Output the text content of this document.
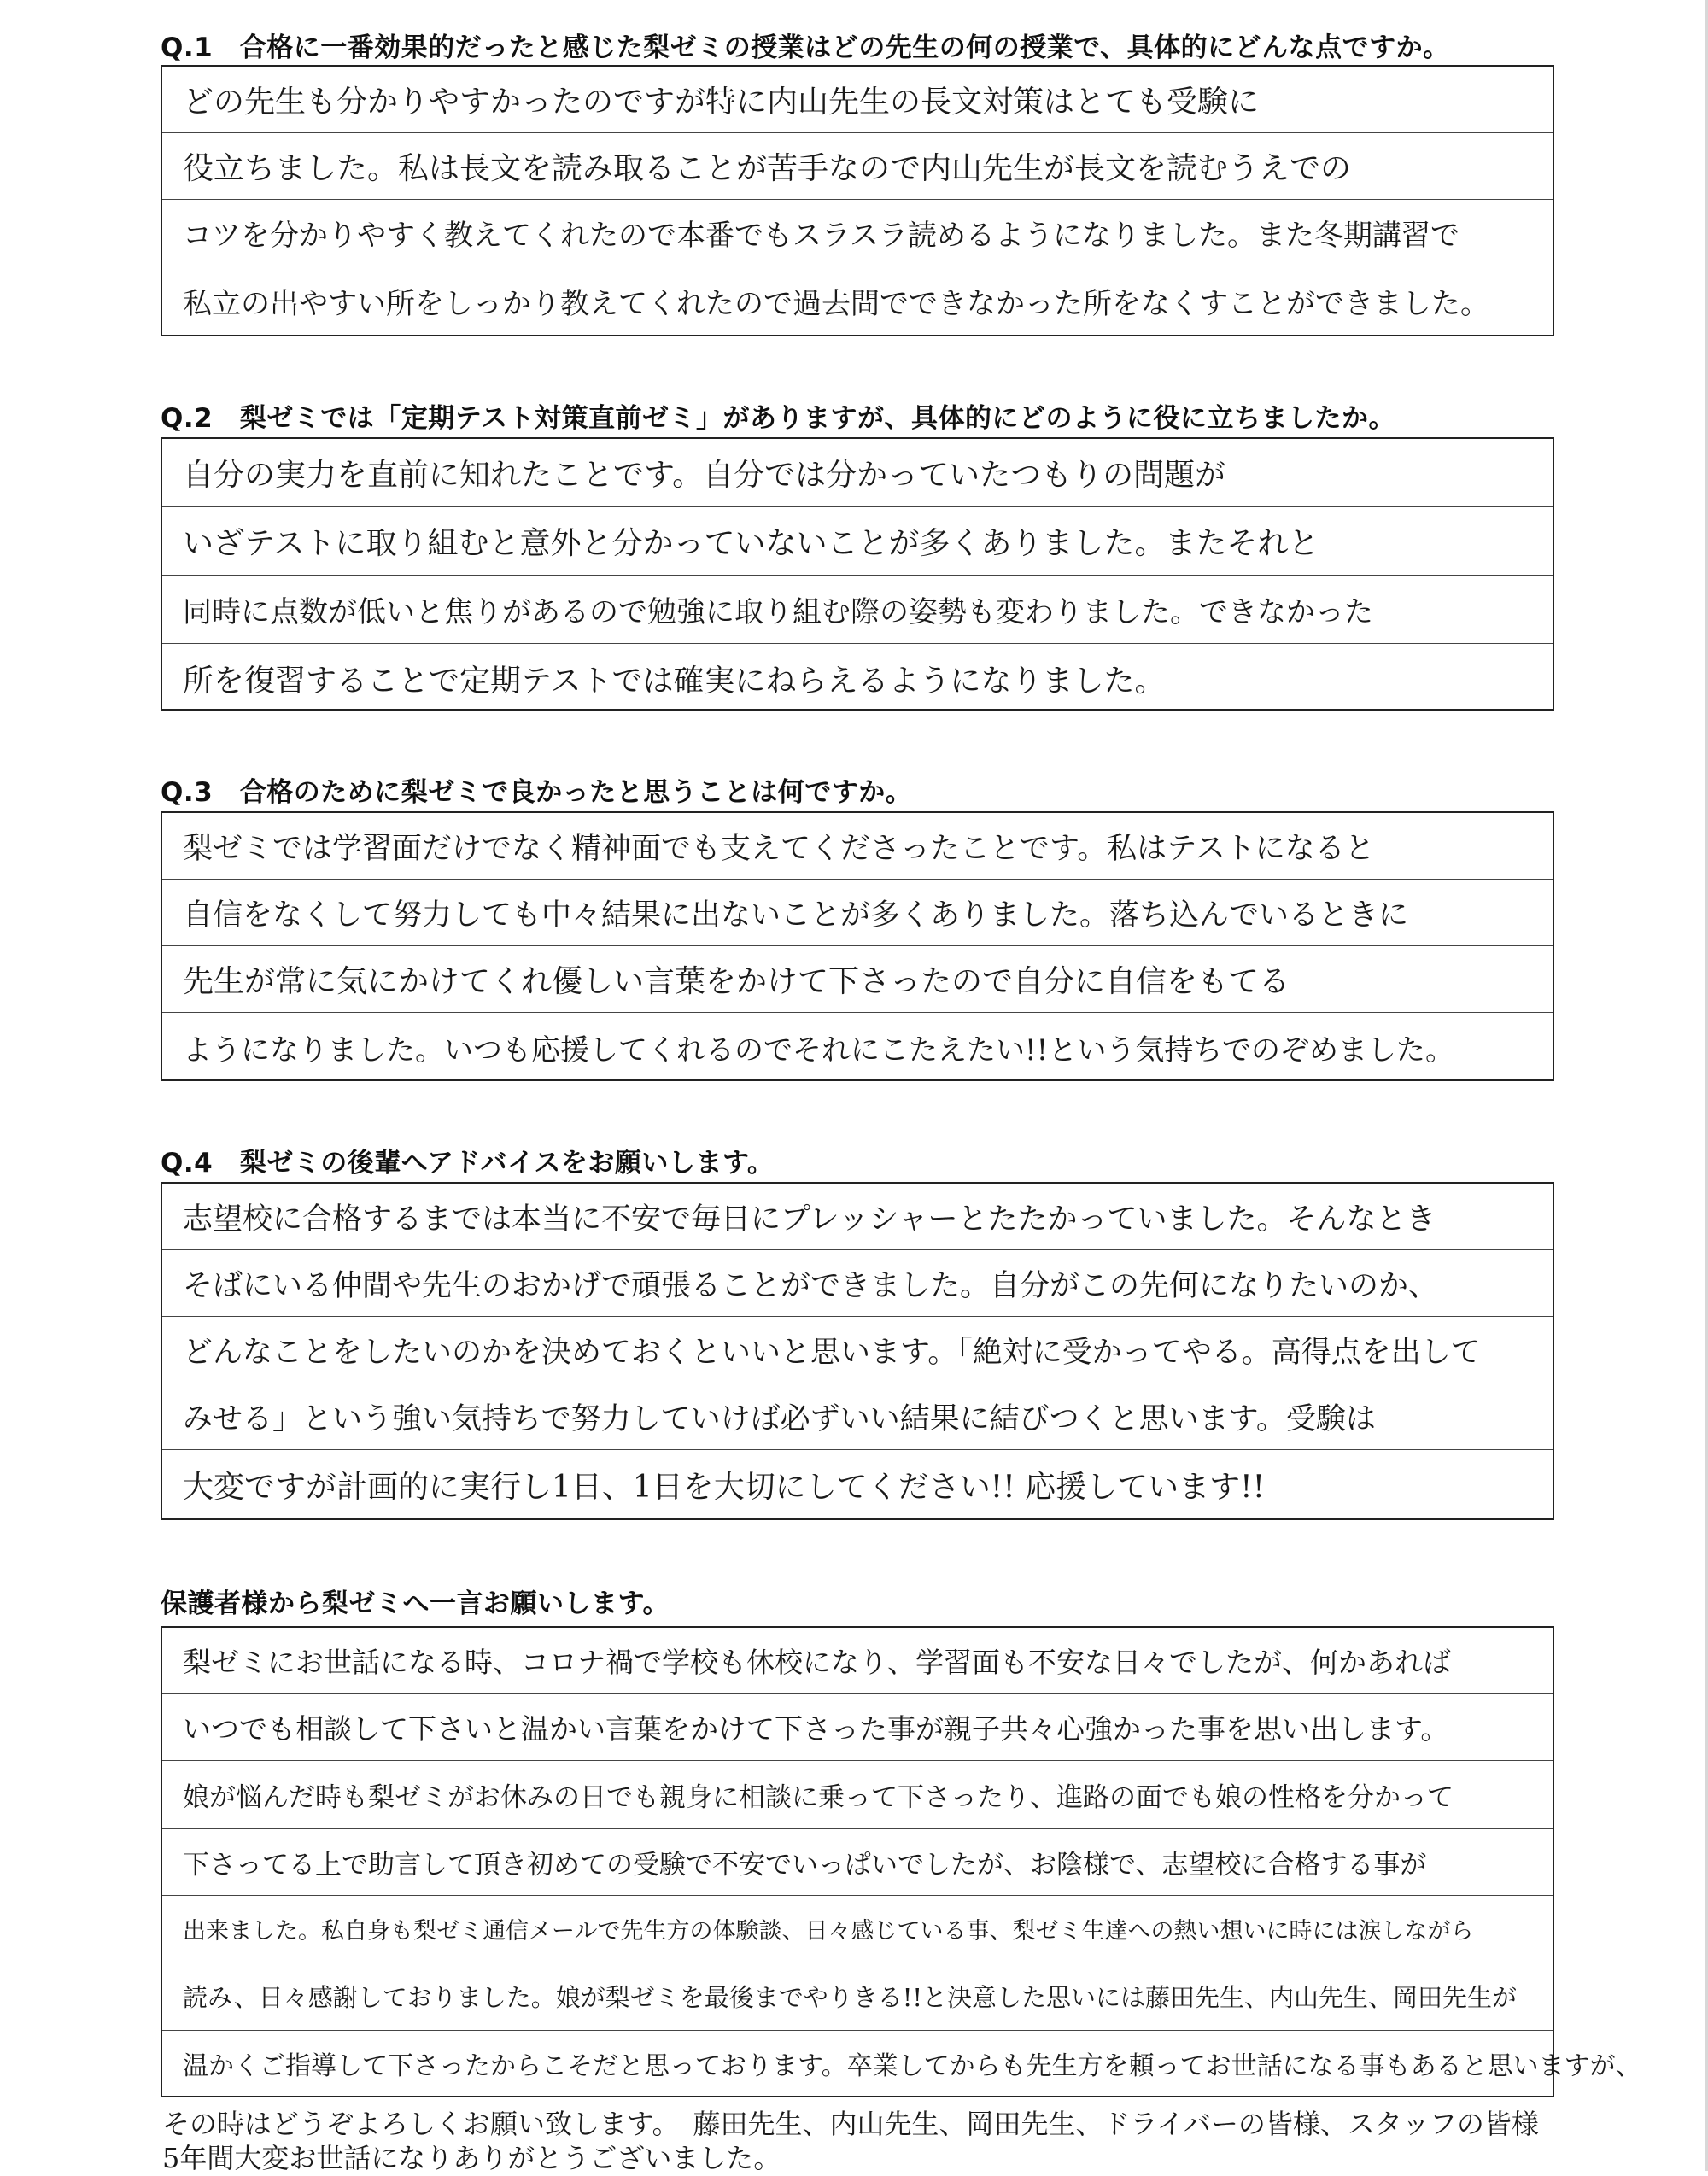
Q.1　合格に一番効果的だったと感じた梨ゼミの授業はどの先生の何の授業で、具体的にどんな点ですか。
どの先生も分かりやすかったのですが特に内山先生の長文対策はとても受験に
役立ちました。私は長文を読み取ることが苦手なので内山先生が長文を読むうえでの
コツを分かりやすく教えてくれたので本番でもスラスラ読めるようになりました。また冬期講習で
私立の出やすい所をしっかり教えてくれたので過去問でできなかった所をなくすことができました。
Q.2　梨ゼミでは「定期テスト対策直前ゼミ」がありますが、具体的にどのように役に立ちましたか。
自分の実力を直前に知れたことです。自分では分かっていたつもりの問題が
いざテストに取り組むと意外と分かっていないことが多くありました。またそれと
同時に点数が低いと焦りがあるので勉強に取り組む際の姿勢も変わりました。できなかった
所を復習することで定期テストでは確実にねらえるようになりました。
Q.3　合格のために梨ゼミで良かったと思うことは何ですか。
梨ゼミでは学習面だけでなく精神面でも支えてくださったことです。私はテストになると
自信をなくして努力しても中々結果に出ないことが多くありました。落ち込んでいるときに
先生が常に気にかけてくれ優しい言葉をかけて下さったので自分に自信をもてる
ようになりました。いつも応援してくれるのでそれにこたえたい!!という気持ちでのぞめました。
Q.4　梨ゼミの後輩へアドバイスをお願いします。
志望校に合格するまでは本当に不安で毎日にプレッシャーとたたかっていました。そんなとき
そばにいる仲間や先生のおかげで頑張ることができました。自分がこの先何になりたいのか、
どんなことをしたいのかを決めておくといいと思います。「絶対に受かってやる。高得点を出して
みせる」という強い気持ちで努力していけば必ずいい結果に結びつくと思います。受験は
大変ですが計画的に実行し1日、1日を大切にしてください!! 応援しています!!
保護者様から梨ゼミへ一言お願いします。
梨ゼミにお世話になる時、コロナ禍で学校も休校になり、学習面も不安な日々でしたが、何かあれば
いつでも相談して下さいと温かい言葉をかけて下さった事が親子共々心強かった事を思い出します。
娘が悩んだ時も梨ゼミがお休みの日でも親身に相談に乗って下さったり、進路の面でも娘の性格を分かって
下さってる上で助言して頂き初めての受験で不安でいっぱいでしたが、お陰様で、志望校に合格する事が
出来ました。私自身も梨ゼミ通信メールで先生方の体験談、日々感じている事、梨ゼミ生達への熱い想いに時には涙しながら
読み、日々感謝しておりました。娘が梨ゼミを最後までやりきる!!と決意した思いには藤田先生、内山先生、岡田先生が
温かくご指導して下さったからこそだと思っております。卒業してからも先生方を頼ってお世話になる事もあると思いますが、
その時はどうぞよろしくお願い致します。　藤田先生、内山先生、岡田先生、ドライバーの皆様、スタッフの皆様
5年間大変お世話になりありがとうございました。
